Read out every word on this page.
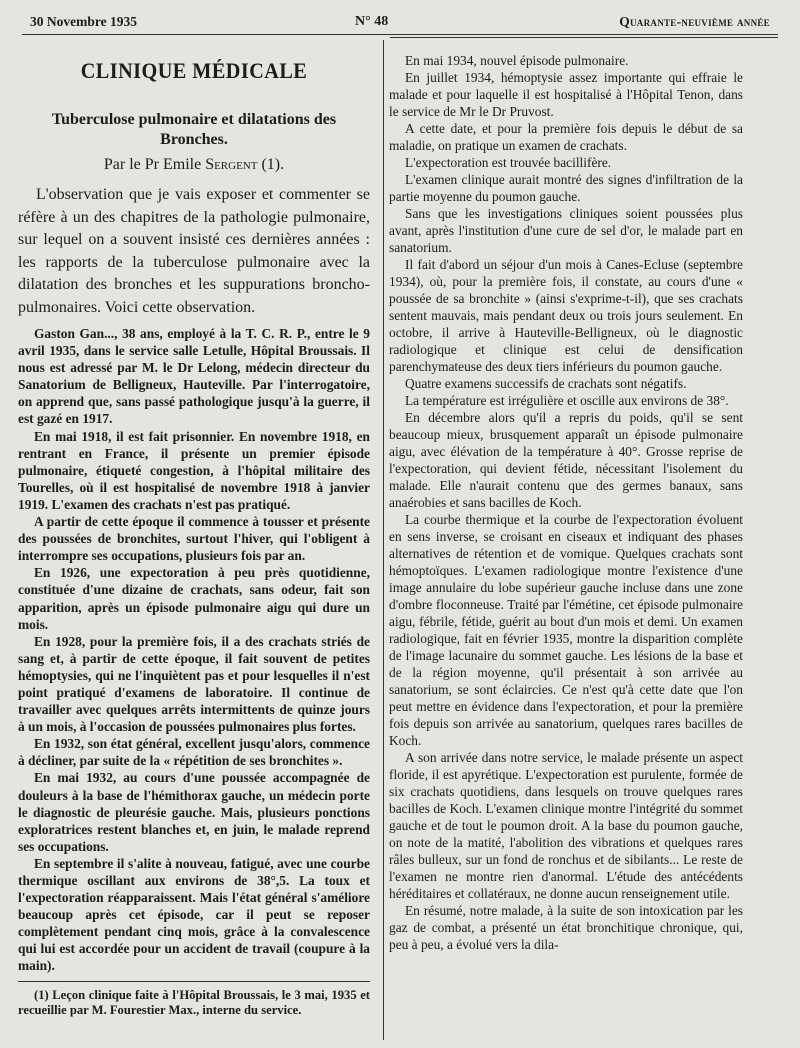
30 Novembre 1935	N° 48	Quarante-neuvième année
CLINIQUE MÉDICALE
Tuberculose pulmonaire et dilatations des Bronches.
Par le Pr Emile Sergent (1).

L'observation que je vais exposer et commenter se réfère à un des chapitres de la pathologie pulmonaire, sur lequel on a souvent insisté ces dernières années : les rapports de la tuberculose pulmonaire avec la dilatation des bronches et les suppurations broncho-pulmonaires. Voici cette observation.

Gaston Gan..., 38 ans, employé à la T. C. R. P., entre le 9 avril 1935, dans le service salle Letulle, Hôpital Broussais. Il nous est adressé par M. le Dr Lelong, médecin directeur du Sanatorium de Belligneux, Hauteville. Par l'interrogatoire, on apprend que, sans passé pathologique jusqu'à la guerre, il est gazé en 1917.

En mai 1918, il est fait prisonnier. En novembre 1918, en rentrant en France, il présente un premier épisode pulmonaire, étiqueté congestion, à l'hôpital militaire des Tourelles, où il est hospitalisé de novembre 1918 à janvier 1919. L'examen des crachats n'est pas pratiqué.

A partir de cette époque il commence à tousser et présente des poussées de bronchites, surtout l'hiver, qui l'obligent à interrompre ses occupations, plusieurs fois par an.

En 1926, une expectoration à peu près quotidienne, constituée d'une dizaine de crachats, sans odeur, fait son apparition, après un épisode pulmonaire aigu qui dure un mois.

En 1928, pour la première fois, il a des crachats striés de sang et, à partir de cette époque, il fait souvent de petites hémoptysies, qui ne l'inquiètent pas et pour lesquelles il n'est point pratiqué d'examens de laboratoire. Il continue de travailler avec quelques arrêts intermittents de quinze jours à un mois, à l'occasion de poussées pulmonaires plus fortes.

En 1932, son état général, excellent jusqu'alors, commence à décliner, par suite de la « répétition de ses bronchites ».

En mai 1932, au cours d'une poussée accompagnée de douleurs à la base de l'hémithorax gauche, un médecin porte le diagnostic de pleurésie gauche. Mais, plusieurs ponctions exploratrices restent blanches et, en juin, le malade reprend ses occupations.

En septembre il s'alite à nouveau, fatigué, avec une courbe thermique oscillant aux environs de 38°,5. La toux et l'expectoration réapparaissent. Mais l'état général s'améliore beaucoup après cet épisode, car il peut se reposer complètement pendant cinq mois, grâce à la convalescence qui lui est accordée pour un accident de travail (coupure à la main).

(1) Leçon clinique faite à l'Hôpital Broussais, le 3 mai, 1935 et recueillie par M. Fourestier Max., interne du service.

En mai 1934, nouvel épisode pulmonaire.

En juillet 1934, hémoptysie assez importante qui effraie le malade et pour laquelle il est hospitalisé à l'Hôpital Tenon, dans le service de Mr le Dr Pruvost.

A cette date, et pour la première fois depuis le début de sa maladie, on pratique un examen de crachats.

L'expectoration est trouvée bacillifère.

L'examen clinique aurait montré des signes d'infiltration de la partie moyenne du poumon gauche.

Sans que les investigations cliniques soient poussées plus avant, après l'institution d'une cure de sel d'or, le malade part en sanatorium.

Il fait d'abord un séjour d'un mois à Canes-Ecluse (septembre 1934), où, pour la première fois, il constate, au cours d'une « poussée de sa bronchite » (ainsi s'exprime-t-il), que ses crachats sentent mauvais, mais pendant deux ou trois jours seulement. En octobre, il arrive à Hauteville-Belligneux, où le diagnostic radiologique et clinique est celui de densification parenchymateuse des deux tiers inférieurs du poumon gauche.

Quatre examens successifs de crachats sont négatifs.

La température est irrégulière et oscille aux environs de 38°.

En décembre alors qu'il a repris du poids, qu'il se sent beaucoup mieux, brusquement apparaît un épisode pulmonaire aigu, avec élévation de la température à 40°. Grosse reprise de l'expectoration, qui devient fétide, nécessitant l'isolement du malade. Elle n'aurait contenu que des germes banaux, sans anaérobies et sans bacilles de Koch.

La courbe thermique et la courbe de l'expectoration évoluent en sens inverse, se croisant en ciseaux et indiquant des phases alternatives de rétention et de vomique. Quelques crachats sont hémoptoïques. L'examen radiologique montre l'existence d'une image annulaire du lobe supérieur gauche incluse dans une zone d'ombre floconneuse. Traité par l'émétine, cet épisode pulmonaire aigu, fébrile, fétide, guérit au bout d'un mois et demi. Un examen radiologique, fait en février 1935, montre la disparition complète de l'image lacunaire du sommet gauche. Les lésions de la base et de la région moyenne, qu'il présentait à son arrivée au sanatorium, se sont éclaircies. Ce n'est qu'à cette date que l'on peut mettre en évidence dans l'expectoration, et pour la première fois depuis son arrivée au sanatorium, quelques rares bacilles de Koch.

A son arrivée dans notre service, le malade présente un aspect floride, il est apyrétique. L'expectoration est purulente, formée de six crachats quotidiens, dans lesquels on trouve quelques rares bacilles de Koch. L'examen clinique montre l'intégrité du sommet gauche et de tout le poumon droit. A la base du poumon gauche, on note de la matité, l'abolition des vibrations et quelques rares râles bulleux, sur un fond de ronchus et de sibilants... Le reste de l'examen ne montre rien d'anormal. L'étude des antécédents héréditaires et collatéraux, ne donne aucun renseignement utile.

En résumé, notre malade, à la suite de son intoxication par les gaz de combat, a présenté un état bronchitique chronique, qui, peu à peu, a évolué vers la dila-
